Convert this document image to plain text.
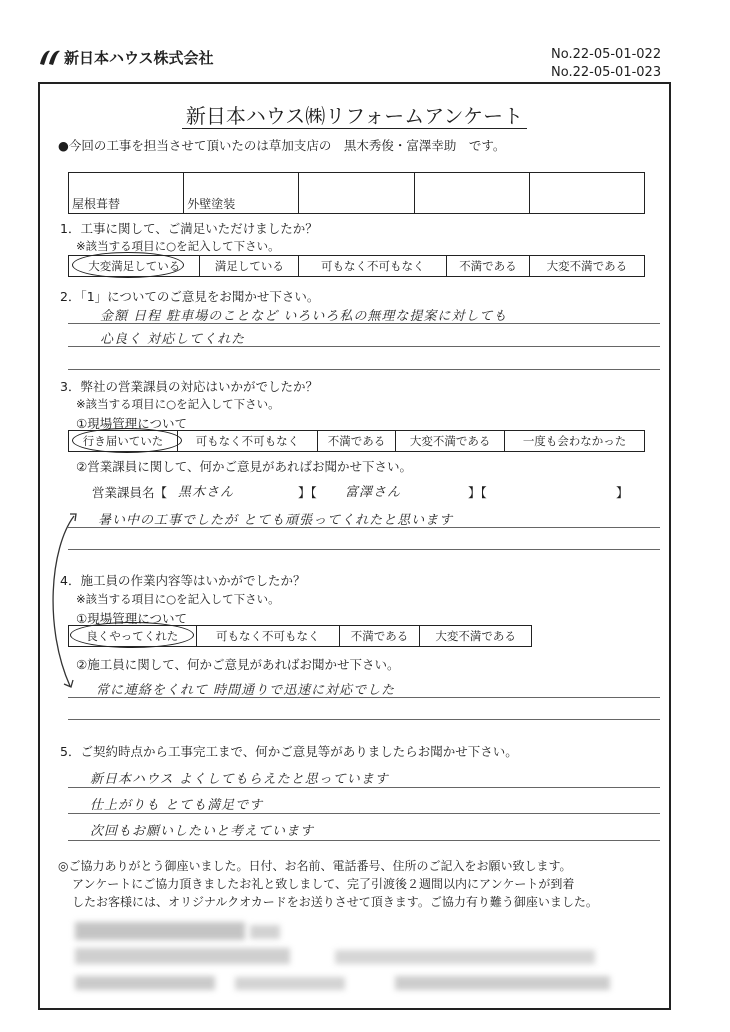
新日本ハウス株式会社	No.22-05-01-022
No.22-05-01-023
新日本ハウス㈱リフォームアンケート
●今回の工事を担当させて頂いたのは草加支店の　黒木秀俊・富澤幸助　です。
屋根葺替	外壁塗装			
1．工事に関して、ご満足いただけましたか？
※該当する項目に○を記入して下さい。
大変満足している	満足している	可もなく不可もなく	不満である	大変不満である
2．「1」についてのご意見をお聞かせ下さい。
金額 日程 駐車場のことなど いろいろ私の無理な提案に対しても
心良く 対応してくれた
3．弊社の営業課員の対応はいかがでしたか？
※該当する項目に○を記入して下さい。
①現場管理について
行き届いていた	可もなく不可もなく	不満である	大変不満である	一度も会わなかった
②営業課員に関して、何かご意見があればお聞かせ下さい。
営業課員名【 黒木さん	】【 富澤さん	】【	】
暑い中の工事でしたが とても頑張ってくれたと思います
4．施工員の作業内容等はいかがでしたか？
※該当する項目に○を記入して下さい。
①現場管理について
良くやってくれた	可もなく不可もなく	不満である	大変不満である
②施工員に関して、何かご意見があればお聞かせ下さい。
常に連絡をくれて 時間通りで迅速に対応でした
5．ご契約時点から工事完工まで、何かご意見等がありましたらお聞かせ下さい。
新日本ハウス よくしてもらえたと思っています
仕上がりも とても満足です
次回もお願いしたいと考えています
◎ご協力ありがとう御座いました。日付、お名前、電話番号、住所のご記入をお願い致します。
アンケートにご協力頂きましたお礼と致しまして、完了引渡後２週間以内にアンケートが到着
したお客様には、オリジナルクオカードをお送りさせて頂きます。ご協力有り難う御座いました。
